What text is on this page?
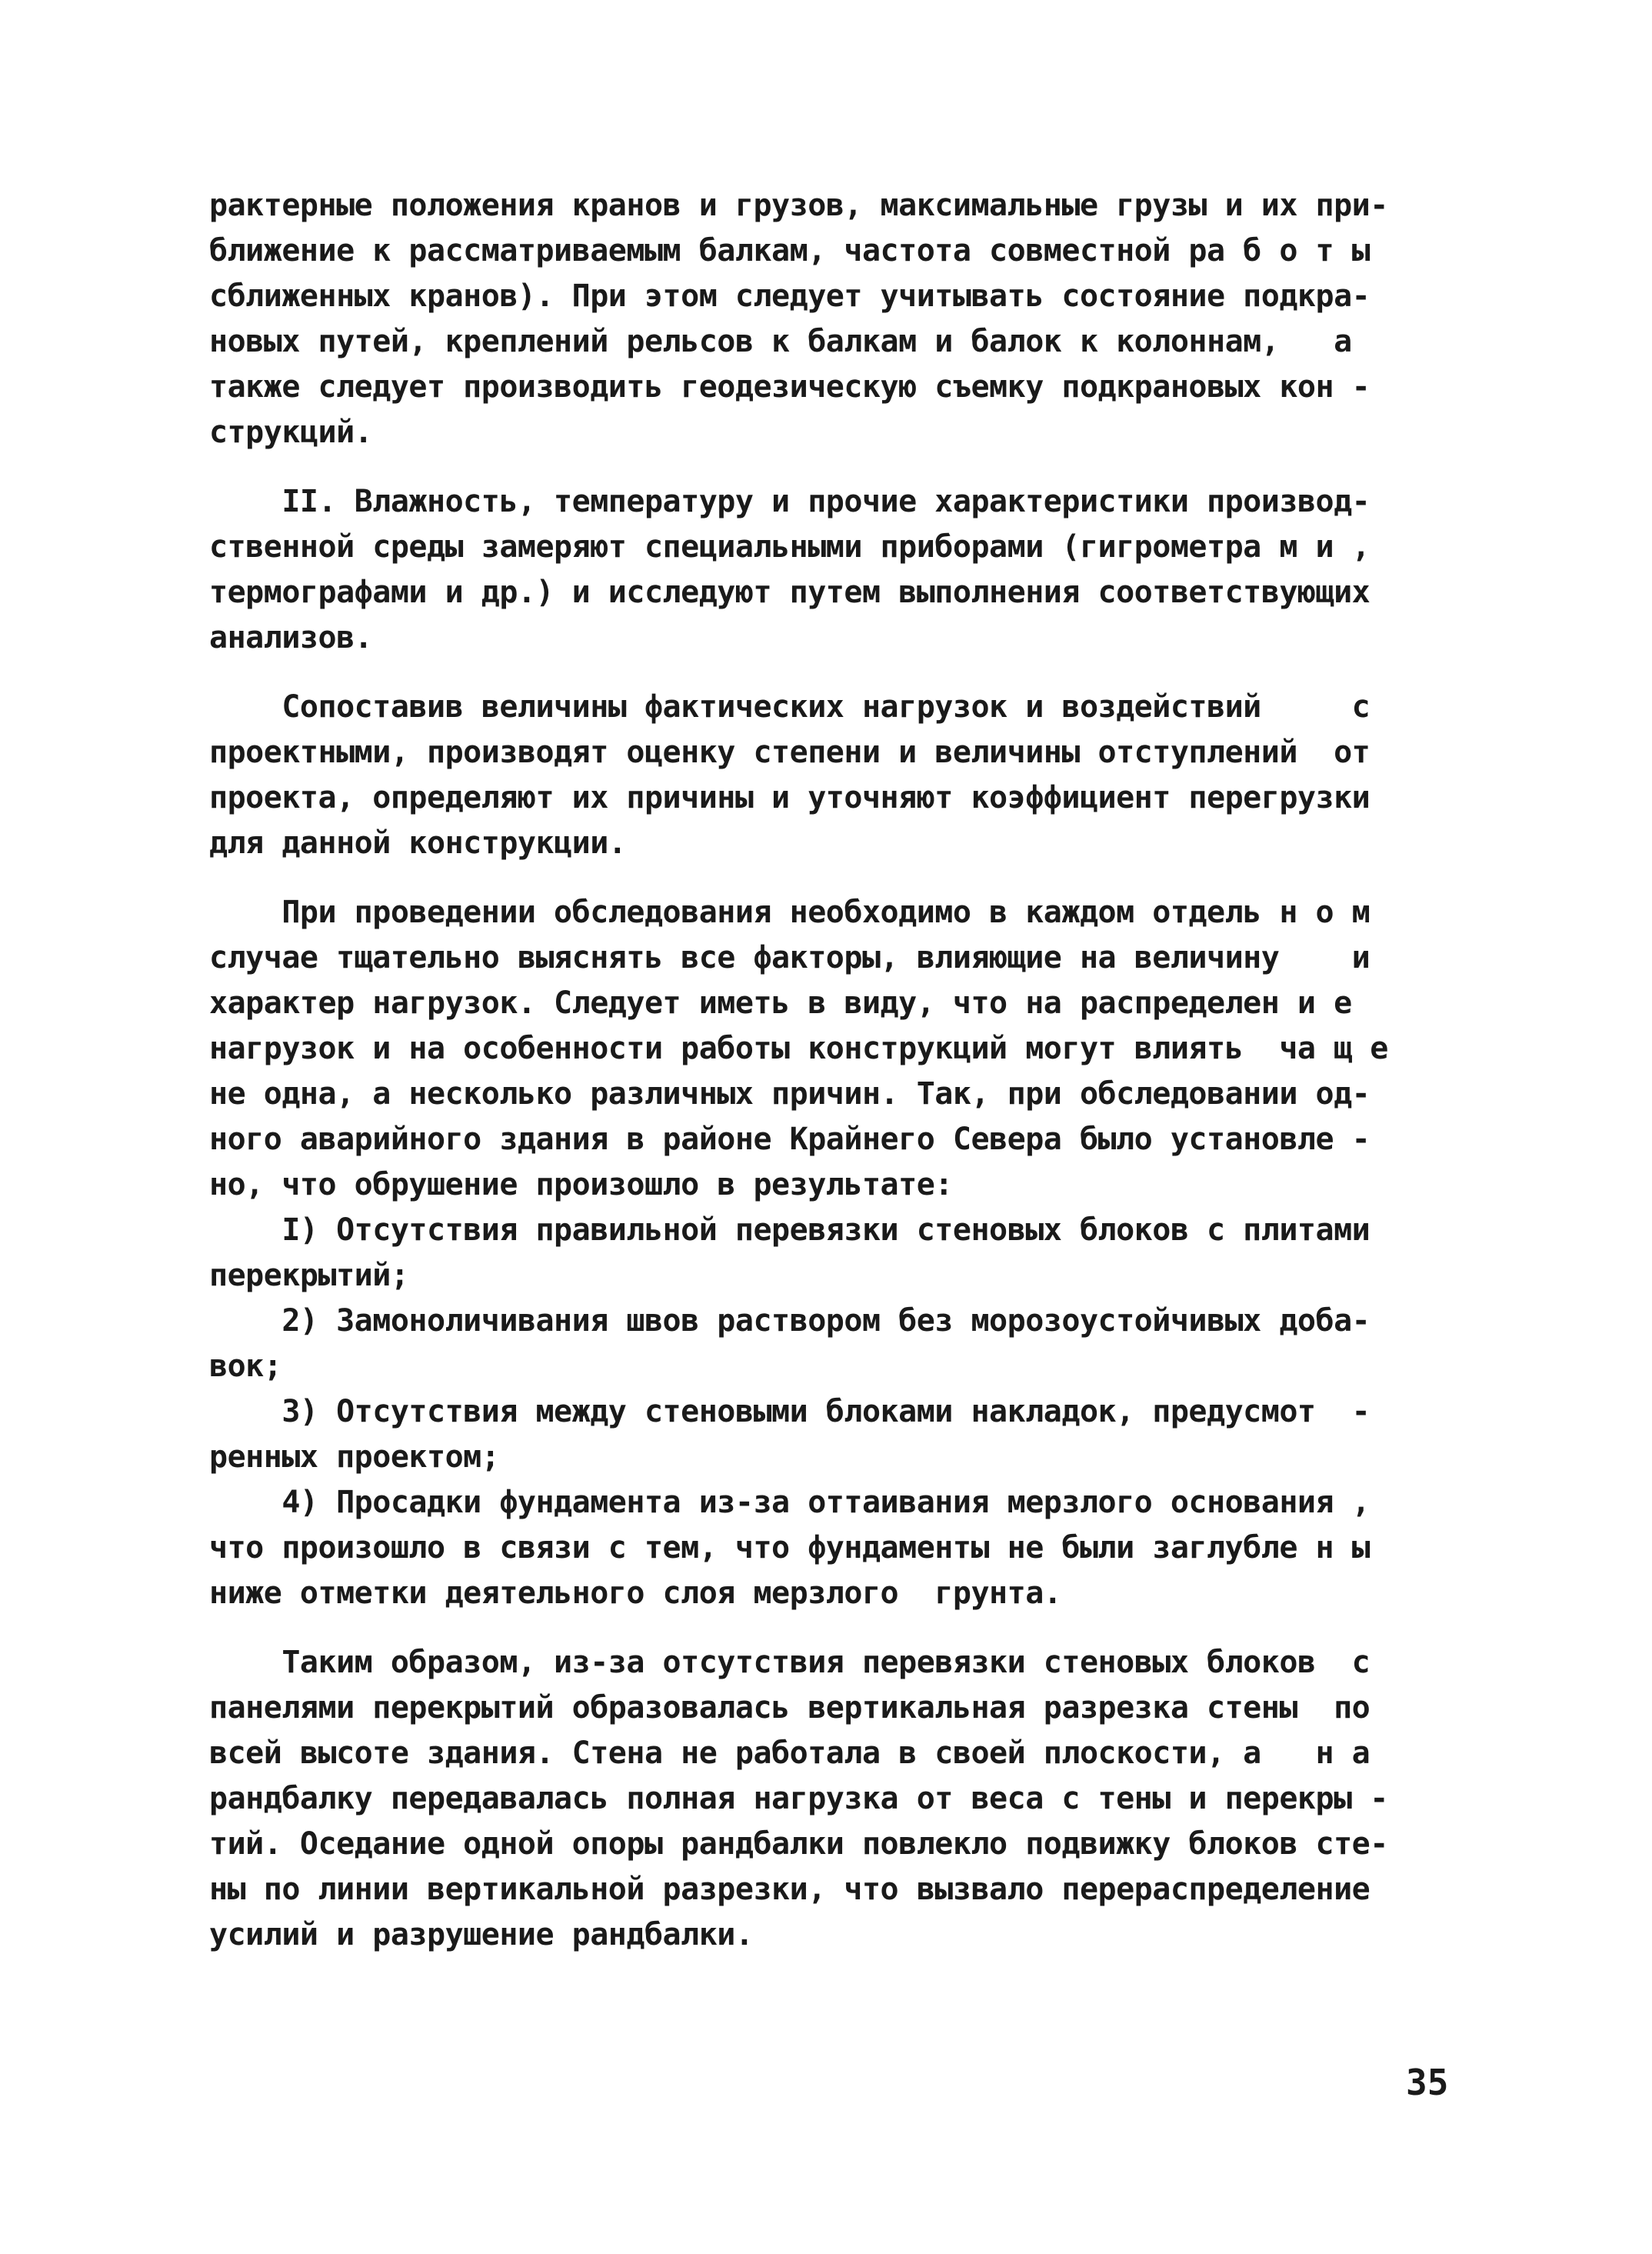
рактерные положения кранов и грузов, максимальные грузы и их при-
ближение к рассматриваемым балкам, частота совместной ра б о т ы
сближенных кранов). При этом следует учитывать состояние подкра-
новых путей, креплений рельсов к балкам и балок к колоннам,   а
также следует производить геодезическую съемку подкрановых кон -
струкций.
II. Влажность, температуру и прочие характеристики производ-
ственной среды замеряют специальными приборами (гигрометра м и ,
термографами и др.) и исследуют путем выполнения соответствующих
анализов.
Сопоставив величины фактических нагрузок и воздействий     с
проектными, производят оценку степени и величины отступлений  от
проекта, определяют их причины и уточняют коэффициент перегрузки
для данной конструкции.
При проведении обследования необходимо в каждом отдель н о м
случае тщательно выяснять все факторы, влияющие на величину    и
характер нагрузок. Следует иметь в виду, что на распределен и е
нагрузок и на особенности работы конструкций могут влиять  ча щ е
не одна, а несколько различных причин. Так, при обследовании од-
ного аварийного здания в районе Крайнего Севера было установле -
но, что обрушение произошло в результате:
I) Отсутствия правильной перевязки стеновых блоков с плитами
перекрытий;
2) Замоноличивания швов раствором без морозоустойчивых доба-
вок;
3) Отсутствия между стеновыми блоками накладок, предусмот  -
ренных проектом;
4) Просадки фундамента из-за оттаивания мерзлого основания ,
что произошло в связи с тем, что фундаменты не были заглубле н ы
ниже отметки деятельного слоя мерзлого  грунта.
Таким образом, из-за отсутствия перевязки стеновых блоков  с
панелями перекрытий образовалась вертикальная разрезка стены  по
всей высоте здания. Стена не работала в своей плоскости, а   н а
рандбалку передавалась полная нагрузка от веса с тены и перекры -
тий. Оседание одной опоры рандбалки повлекло подвижку блоков сте-
ны по линии вертикальной разрезки, что вызвало перераспределение
усилий и разрушение рандбалки.
35
